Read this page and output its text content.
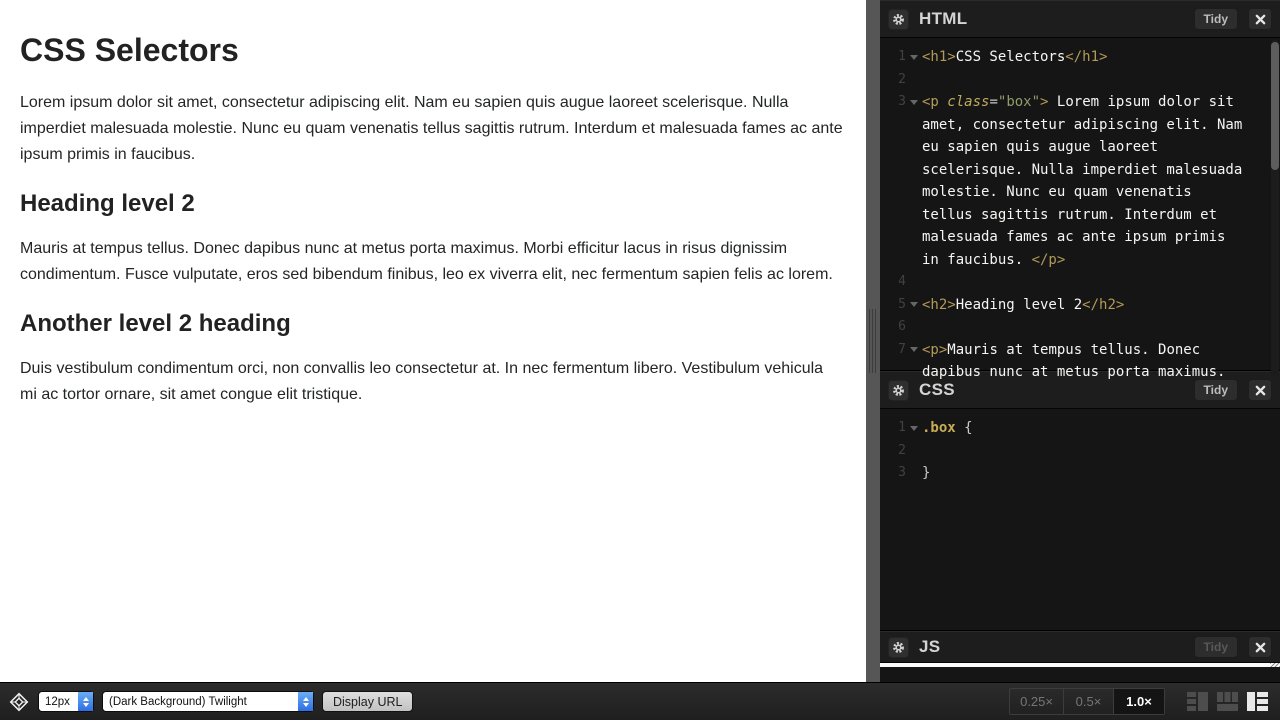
CSS Selectors

Lorem ipsum dolor sit amet, consectetur adipiscing elit. Nam eu sapien quis augue laoreet scelerisque. Nulla imperdiet malesuada molestie. Nunc eu quam venenatis tellus sagittis rutrum. Interdum et malesuada fames ac ante ipsum primis in faucibus.

Heading level 2

Mauris at tempus tellus. Donec dapibus nunc at metus porta maximus. Morbi efficitur lacus in risus dignissim condimentum. Fusce vulputate, eros sed bibendum finibus, leo ex viverra elit, nec fermentum sapien felis ac lorem.

Another level 2 heading

Duis vestibulum condimentum orci, non convallis leo consectetur at. In nec fermentum libero. Vestibulum vehicula mi ac tortor ornare, sit amet congue elit tristique.

HTML	Tidy
1 <h1>CSS Selectors</h1>
2
3 <p class="box"> Lorem ipsum dolor sit
amet, consectetur adipiscing elit. Nam
eu sapien quis augue laoreet
scelerisque. Nulla imperdiet malesuada
molestie. Nunc eu quam venenatis
tellus sagittis rutrum. Interdum et
malesuada fames ac ante ipsum primis
in faucibus. </p>
4
5 <h2>Heading level 2</h2>
6
7 <p>Mauris at tempus tellus. Donec
dapibus nunc at metus porta maximus.
CSS	Tidy
1 .box {
2
3 }
JS	Tidy
12px	(Dark Background) Twilight	Display URL	0.25×	0.5×	1.0×
